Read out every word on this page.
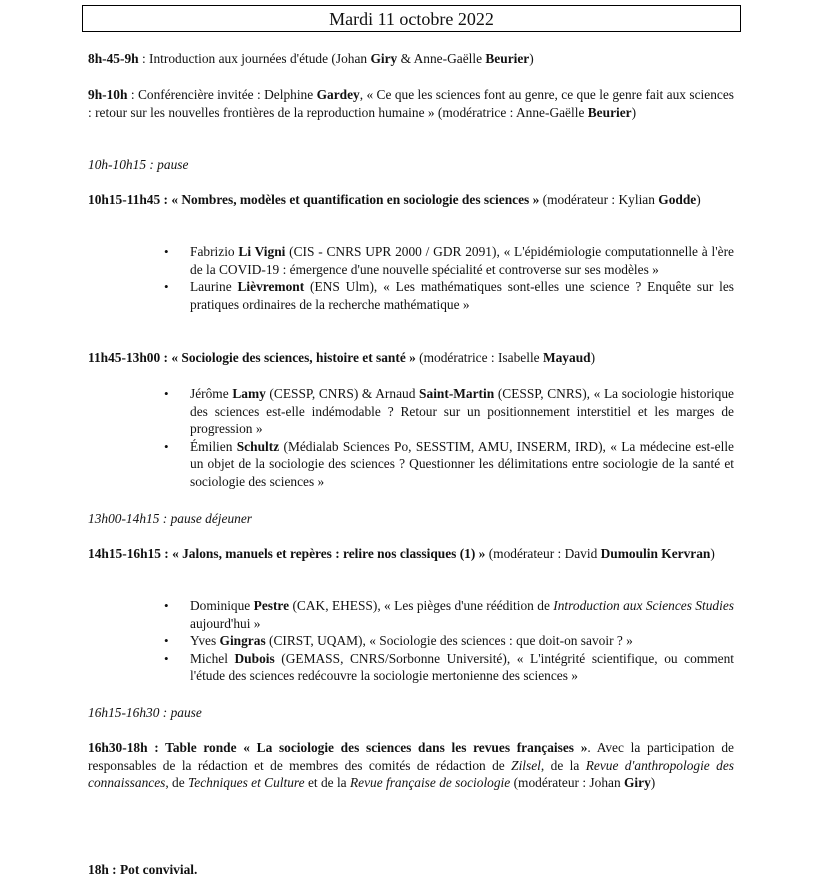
Mardi 11 octobre 2022

8h-45-9h : Introduction aux journées d'étude (Johan Giry & Anne-Gaëlle Beurier)

9h-10h : Conférencière invitée : Delphine Gardey, « Ce que les sciences font au genre, ce que le genre fait aux sciences : retour sur les nouvelles frontières de la reproduction humaine » (modératrice : Anne-Gaëlle Beurier)

10h-10h15 : pause

10h15-11h45 : « Nombres, modèles et quantification en sociologie des sciences » (modérateur : Kylian Godde)

• Fabrizio Li Vigni (CIS - CNRS UPR 2000 / GDR 2091), « L'épidémiologie computationnelle à l'ère de la COVID-19 : émergence d'une nouvelle spécialité et controverse sur ses modèles »
• Laurine Lièvremont (ENS Ulm), « Les mathématiques sont-elles une science ? Enquête sur les pratiques ordinaires de la recherche mathématique »

11h45-13h00 : « Sociologie des sciences, histoire et santé » (modératrice : Isabelle Mayaud)

• Jérôme Lamy (CESSP, CNRS) & Arnaud Saint-Martin (CESSP, CNRS), « La sociologie historique des sciences est-elle indémodable ? Retour sur un positionnement interstitiel et les marges de progression »
• Émilien Schultz (Médialab Sciences Po, SESSTIM, AMU, INSERM, IRD), « La médecine est-elle un objet de la sociologie des sciences ? Questionner les délimitations entre sociologie de la santé et sociologie des sciences »

13h00-14h15 : pause déjeuner

14h15-16h15 : « Jalons, manuels et repères : relire nos classiques (1) » (modérateur : David Dumoulin Kervran)

• Dominique Pestre (CAK, EHESS), « Les pièges d'une réédition de Introduction aux Sciences Studies aujourd'hui »
• Yves Gingras (CIRST, UQAM), « Sociologie des sciences : que doit-on savoir ? »
• Michel Dubois (GEMASS, CNRS/Sorbonne Université), « L'intégrité scientifique, ou comment l'étude des sciences redécouvre la sociologie mertonienne des sciences »

16h15-16h30 : pause

16h30-18h : Table ronde « La sociologie des sciences dans les revues françaises ». Avec la participation de responsables de la rédaction et de membres des comités de rédaction de Zilsel, de la Revue d'anthropologie des connaissances, de Techniques et Culture et de la Revue française de sociologie (modérateur : Johan Giry)

18h : Pot convivial.
